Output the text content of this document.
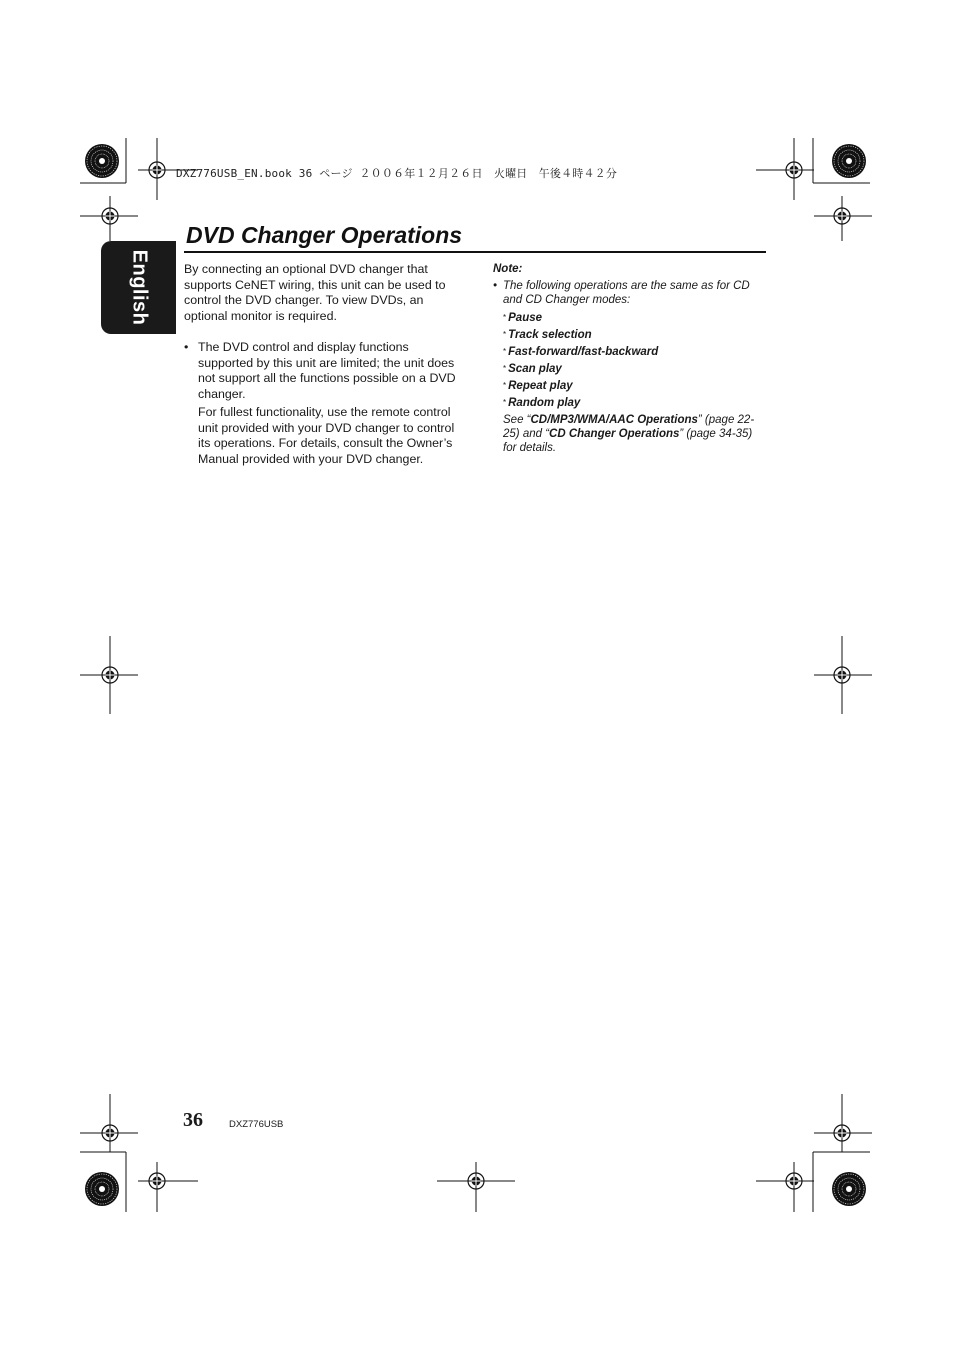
DXZ776USB_EN.book 36 ページ ２００６年１２月２６日　火曜日　午後４時４２分
English
DVD Changer Operations

By connecting an optional DVD changer that supports CeNET wiring, this unit can be used to control the DVD changer. To view DVDs, an optional monitor is required.

• The DVD control and display functions supported by this unit are limited; the unit does not support all the functions possible on a DVD changer.

For fullest functionality, use the remote control unit provided with your DVD changer to control its operations. For details, consult the Owner’s Manual provided with your DVD changer.

Note:

• The following operations are the same as for CD and CD Changer modes:
* Pause
* Track selection
* Fast-forward/fast-backward
* Scan play
* Repeat play
* Random play

See “CD/MP3/WMA/AAC Operations” (page 22-25) and “CD Changer Operations” (page 34-35) for details.

36	DXZ776USB
